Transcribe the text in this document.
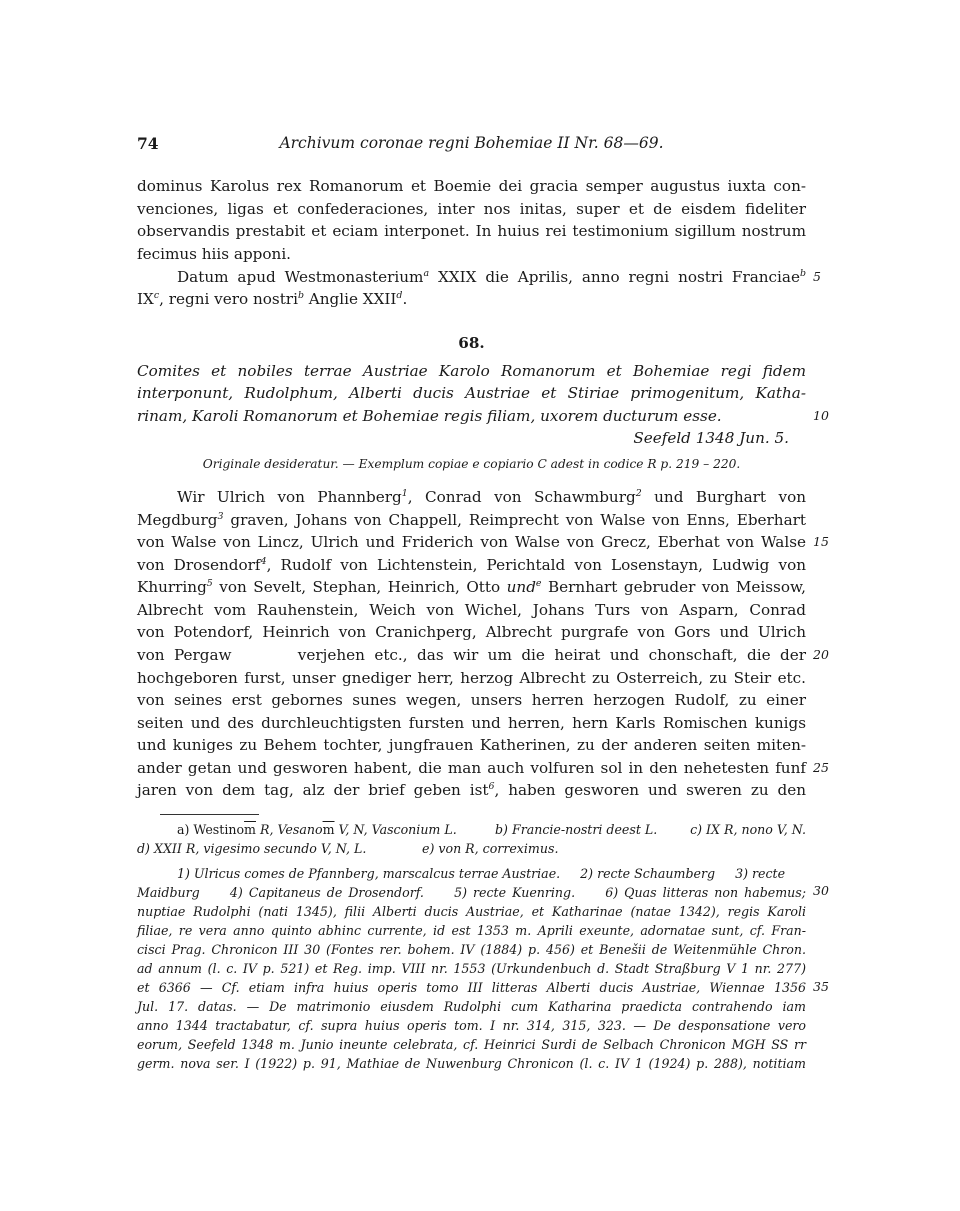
74	Archivum coronae regni Bohemiae II Nr. 68—69.
dominus Karolus rex Romanorum et Boemie dei gracia semper augustus iuxta con-
venciones, ligas et confederaciones, inter nos initas, super et de eisdem fideliter
observandis prestabit et eciam interponet. In huius rei testimonium sigillum nostrum
fecimus hiis apponi.
Datum apud Westmonasterium$^a$ XXIX die Aprilis, anno regni nostri Franciae$^b$ 5
$IX^c$, regni vero nostri$^b$ Anglie XXII$^d$.
68.
Comites et nobiles terrae Austriae Karolo Romanorum et Bohemiae regi fidem
interponunt, Rudolphum, Alberti ducis Austriae et Stiriae primogenitum, Katha-
rinam, Karoli Romanorum et Bohemiae regis filiam, uxorem ducturum esse.	10
Seefeld 1348 Jun. 5.
Originale desideratur. — Exemplum copiae e copiario C adest in codice R p. 219 – 220.
Wir Ulrich von Phannberg$^1$, Conrad von Schawmburg$^2$ und Burghart von
Megdburg$^3$ graven, Johans von Chappell, Reimprecht von Walse von Enns, Eberhart
von Walse von Lincz, Ulrich und Friderich von Walse von Grecz, Eberhat von Walse 15
von Drosendorf$^4$, Rudolf von Lichtenstein, Perichtald von Losenstayn, Ludwig von
Khurring$^5$ von Sevelt, Stephan, Heinrich, Otto und$^e$ Bernhart gebruder von Meissow,
Albrecht vom Rauhenstein, Weich von Wichel, Johans Turs von Asparn, Conrad
von Potendorf, Heinrich von Cranichperg, Albrecht purgrafe von Gors und Ulrich
von Pergaw       verjehen etc., das wir um die heirat und chonschaft, die der 20
hochgeboren furst, unser gnediger herr, herzog Albrecht zu Osterreich, zu Steir etc.
von seines erst gebornes sunes wegen, unsers herren herzogen Rudolf, zu einer
seiten und des durchleuchtigsten fursten und herren, hern Karls Romischen kunigs
und kuniges zu Behem tochter, jungfrauen Katherinen, zu der anderen seiten miten-
ander getan und gesworen habent, die man auch volfuren sol in den nehetesten funf 25
jaren von dem tag, alz der brief geben ist$^6$, haben gesworen und sweren zu den
a) $Westino\overline{m}$ R, $Vesano\overline{m}$ V, N, Vasconium L.	b) Francie-nostri deest L.	c) IX R, nono V, N.
d) XXII R, vigesimo secundo V, N, L.	e) von R, correximus.
1) Ulricus comes de Pfannberg, marscalcus terrae Austriae.     2) recte Schaumberg     3) recte
Maidburg     4) Capitaneus de Drosendorf.     5) recte Kuenring.     6) Quas litteras non habemus; 30
nuptiae Rudolphi (nati 1345), filii Alberti ducis Austriae, et Katharinae (natae 1342), regis Karoli
filiae, re vera anno quinto abhinc currente, id est 1353 m. Aprili exeunte, adornatae sunt, cf. Fran-
cisci Prag. Chronicon III 30 (Fontes rer. bohem. IV (1884) p. 456) et Benešii de Weitenmühle Chron.
ad annum (l. c. IV p. 521) et Reg. imp. VIII nr. 1553 (Urkundenbuch d. Stadt Straßburg V 1 nr. 277)
et 6366 — Cf. etiam infra huius operis tomo III litteras Alberti ducis Austriae, Wiennae 1356 35
Jul. 17. datas. — De matrimonio eiusdem Rudolphi cum Katharina praedicta contrahendo iam
anno 1344 tractabatur, cf. supra huius operis tom. I nr. 314, 315, 323. — De desponsatione vero
eorum, Seefeld 1348 m. Junio ineunte celebrata, cf. Heinrici Surdi de Selbach Chronicon MGH SS rr
germ. nova ser. I (1922) p. 91, Mathiae de Nuwenburg Chronicon (l. c. IV 1 (1924) p. 288), notitiam
